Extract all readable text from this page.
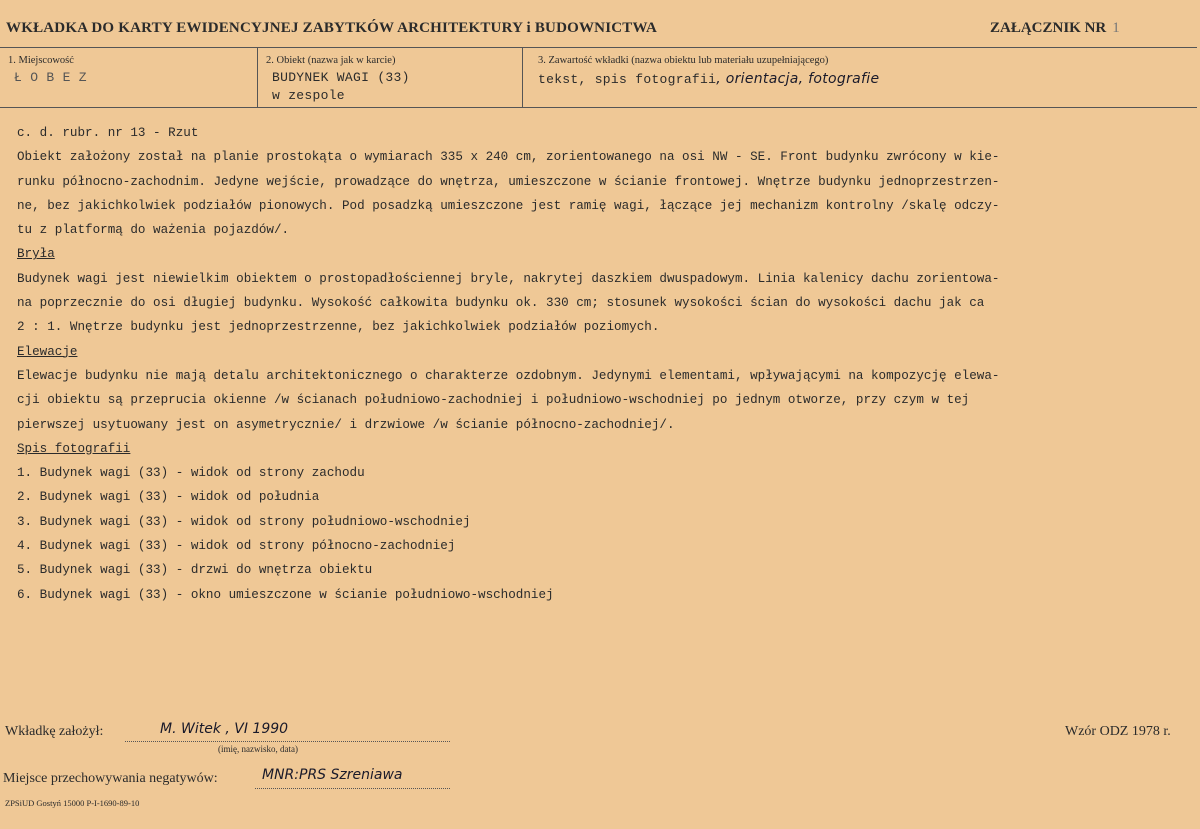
WKŁADKA DO KARTY EWIDENCYJNEJ ZABYTKÓW ARCHITEKTURY i BUDOWNICTWA	ZAŁĄCZNIK NR 1
1. Miejscowość
Ł O B E Z
2. Obiekt (nazwa jak w karcie)
BUDYNEK WAGI (33)
w zespole
3. Zawartość wkładki (nazwa obiektu lub materiału uzupełniającego)
tekst, spis fotografii, orientacja, fotografie
c. d. rubr. nr 13 - Rzut
Obiekt założony został na planie prostokąta o wymiarach 335 x 240 cm, zorientowanego na osi NW - SE. Front budynku zwrócony w kie-
runku północno-zachodnim. Jedyne wejście, prowadzące do wnętrza, umieszczone w ścianie frontowej. Wnętrze budynku jednoprzestrzen-
ne, bez jakichkolwiek podziałów pionowych. Pod posadzką umieszczone jest ramię wagi, łączące jej mechanizm kontrolny /skalę odczy-
tu z platformą do ważenia pojazdów/.
Bryła
Budynek wagi jest niewielkim obiektem o prostopadłościennej bryle, nakrytej daszkiem dwuspadowym. Linia kalenicy dachu zorientowa-
na poprzecznie do osi długiej budynku. Wysokość całkowita budynku ok. 330 cm; stosunek wysokości ścian do wysokości dachu jak ca
2 : 1. Wnętrze budynku jest jednoprzestrzenne, bez jakichkolwiek podziałów poziomych.
Elewacje
Elewacje budynku nie mają detalu architektonicznego o charakterze ozdobnym. Jedynymi elementami, wpływającymi na kompozycję elewa-
cji obiektu są przeprucia okienne /w ścianach południowo-zachodniej i południowo-wschodniej po jednym otworze, przy czym w tej
pierwszej usytuowany jest on asymetrycznie/ i drzwiowe /w ścianie północno-zachodniej/.
Spis fotografii
1. Budynek wagi (33) - widok od strony zachodu
2. Budynek wagi (33) - widok od południa
3. Budynek wagi (33) - widok od strony południowo-wschodniej
4. Budynek wagi (33) - widok od strony północno-zachodniej
5. Budynek wagi (33) - drzwi do wnętrza obiektu
6. Budynek wagi (33) - okno umieszczone w ścianie południowo-wschodniej
Wkładkę założył:	M. Witek , VI 1990
(imię, nazwisko, data)
Wzór ODZ 1978 r.
Miejsce przechowywania negatywów:	MNR:PRS Szreniawa
ZPSiUD Gostyń 15000 P-I-1690-89-10
